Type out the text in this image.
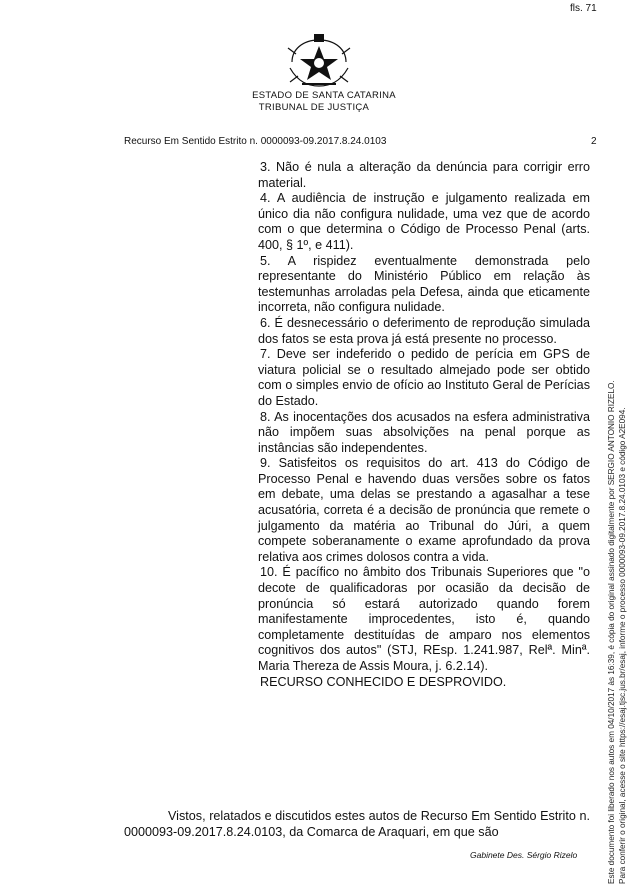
fls. 71
ESTADO DE SANTA CATARINA
TRIBUNAL DE JUSTIÇA
Recurso Em Sentido Estrito n. 0000093-09.2017.8.24.0103	2

3. Não é nula a alteração da denúncia para corrigir erro material.

4. A audiência de instrução e julgamento realizada em único dia não configura nulidade, uma vez que de acordo com o que determina o Código de Processo Penal (arts. 400, § 1º, e 411).

5. A rispidez eventualmente demonstrada pelo representante do Ministério Público em relação às testemunhas arroladas pela Defesa, ainda que eticamente incorreta, não configura nulidade.

6. É desnecessário o deferimento de reprodução simulada dos fatos se esta prova já está presente no processo.

7. Deve ser indeferido o pedido de perícia em GPS de viatura policial se o resultado almejado pode ser obtido com o simples envio de ofício ao Instituto Geral de Perícias do Estado.

8. As inocentações dos acusados na esfera administrativa não impõem suas absolvições na penal porque as instâncias são independentes.

9. Satisfeitos os requisitos do art. 413 do Código de Processo Penal e havendo duas versões sobre os fatos em debate, uma delas se prestando a agasalhar a tese acusatória, correta é a decisão de pronúncia que remete o julgamento da matéria ao Tribunal do Júri, a quem compete soberanamente o exame aprofundado da prova relativa aos crimes dolosos contra a vida.

10. É pacífico no âmbito dos Tribunais Superiores que "o decote de qualificadoras por ocasião da decisão de pronúncia só estará autorizado quando forem manifestamente improcedentes, isto é, quando completamente destituídas de amparo nos elementos cognitivos dos autos" (STJ, REsp. 1.241.987, Relª. Minª. Maria Thereza de Assis Moura, j. 6.2.14).

RECURSO CONHECIDO E DESPROVIDO.

Vistos, relatados e discutidos estes autos de Recurso Em Sentido Estrito n. 0000093-09.2017.8.24.0103, da Comarca de Araquari, em que são

Gabinete Des. Sérgio Rizelo	Este documento foi liberado nos autos em 04/10/2017 às 16:39, é cópia do original assinado digitalmente por SERGIO ANTONIO RIZELO. Para conferir o original, acesse o site https://esaj.tjsc.jus.br/esaj, informe o processo 0000093-09.2017.8.24.0103 e código A2E094.
